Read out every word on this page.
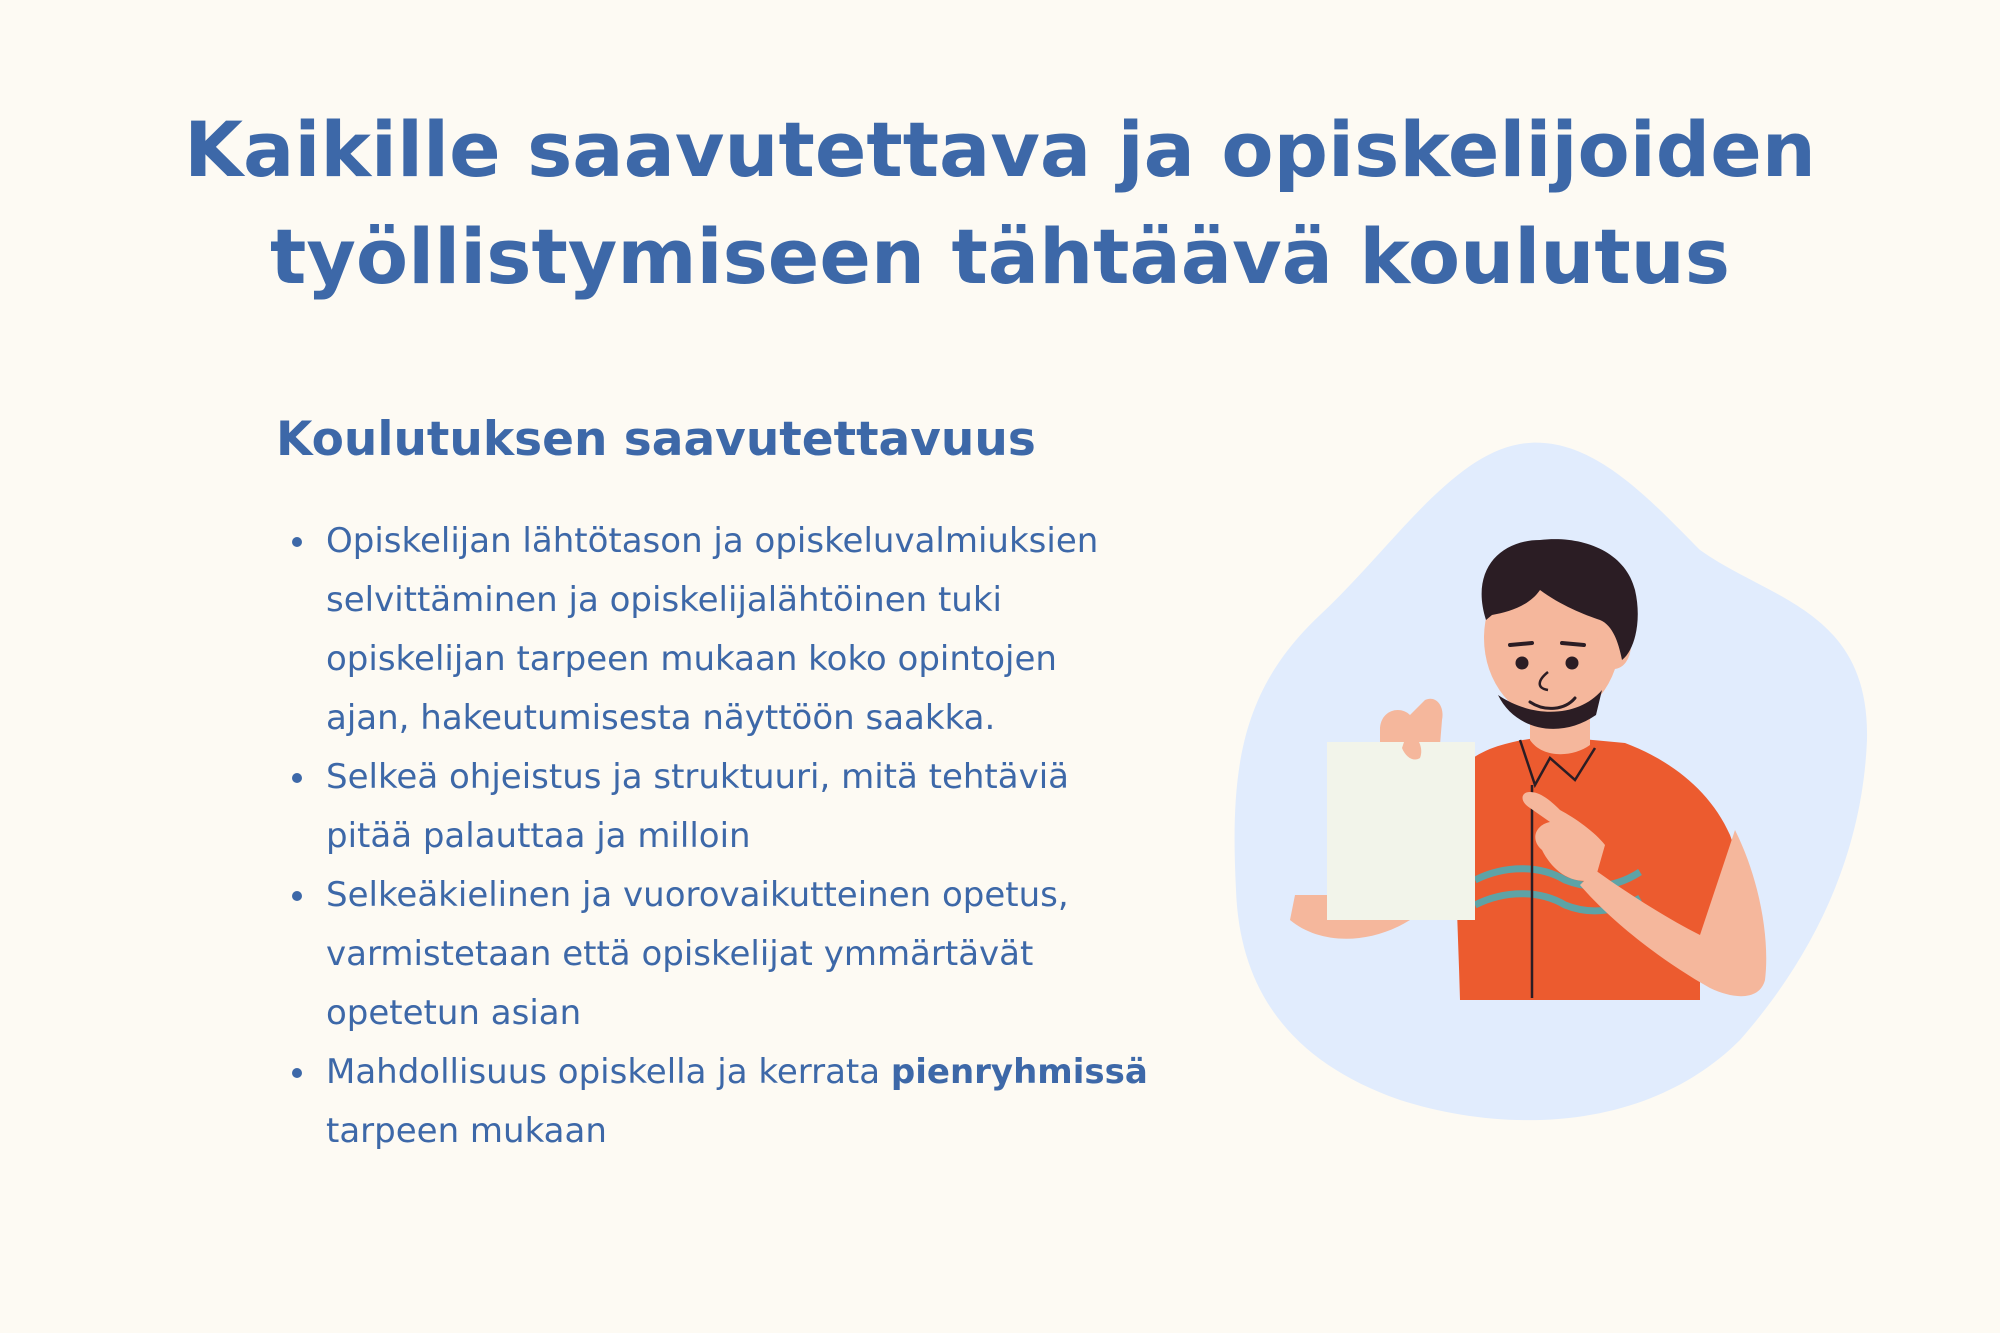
Kaikille saavutettava ja opiskelijoiden
työllistymiseen tähtäävä koulutus
Koulutuksen saavutettavuus
Opiskelijan lähtötason ja opiskeluvalmiuksien
selvittäminen ja opiskelijalähtöinen tuki
opiskelijan tarpeen mukaan koko opintojen
ajan, hakeutumisesta näyttöön saakka.
Selkeä ohjeistus ja struktuuri, mitä tehtäviä
pitää palauttaa ja milloin
Selkeäkielinen ja vuorovaikutteinen opetus,
varmistetaan että opiskelijat ymmärtävät
opetetun asian
Mahdollisuus opiskella ja kerrata pienryhmissä
tarpeen mukaan
